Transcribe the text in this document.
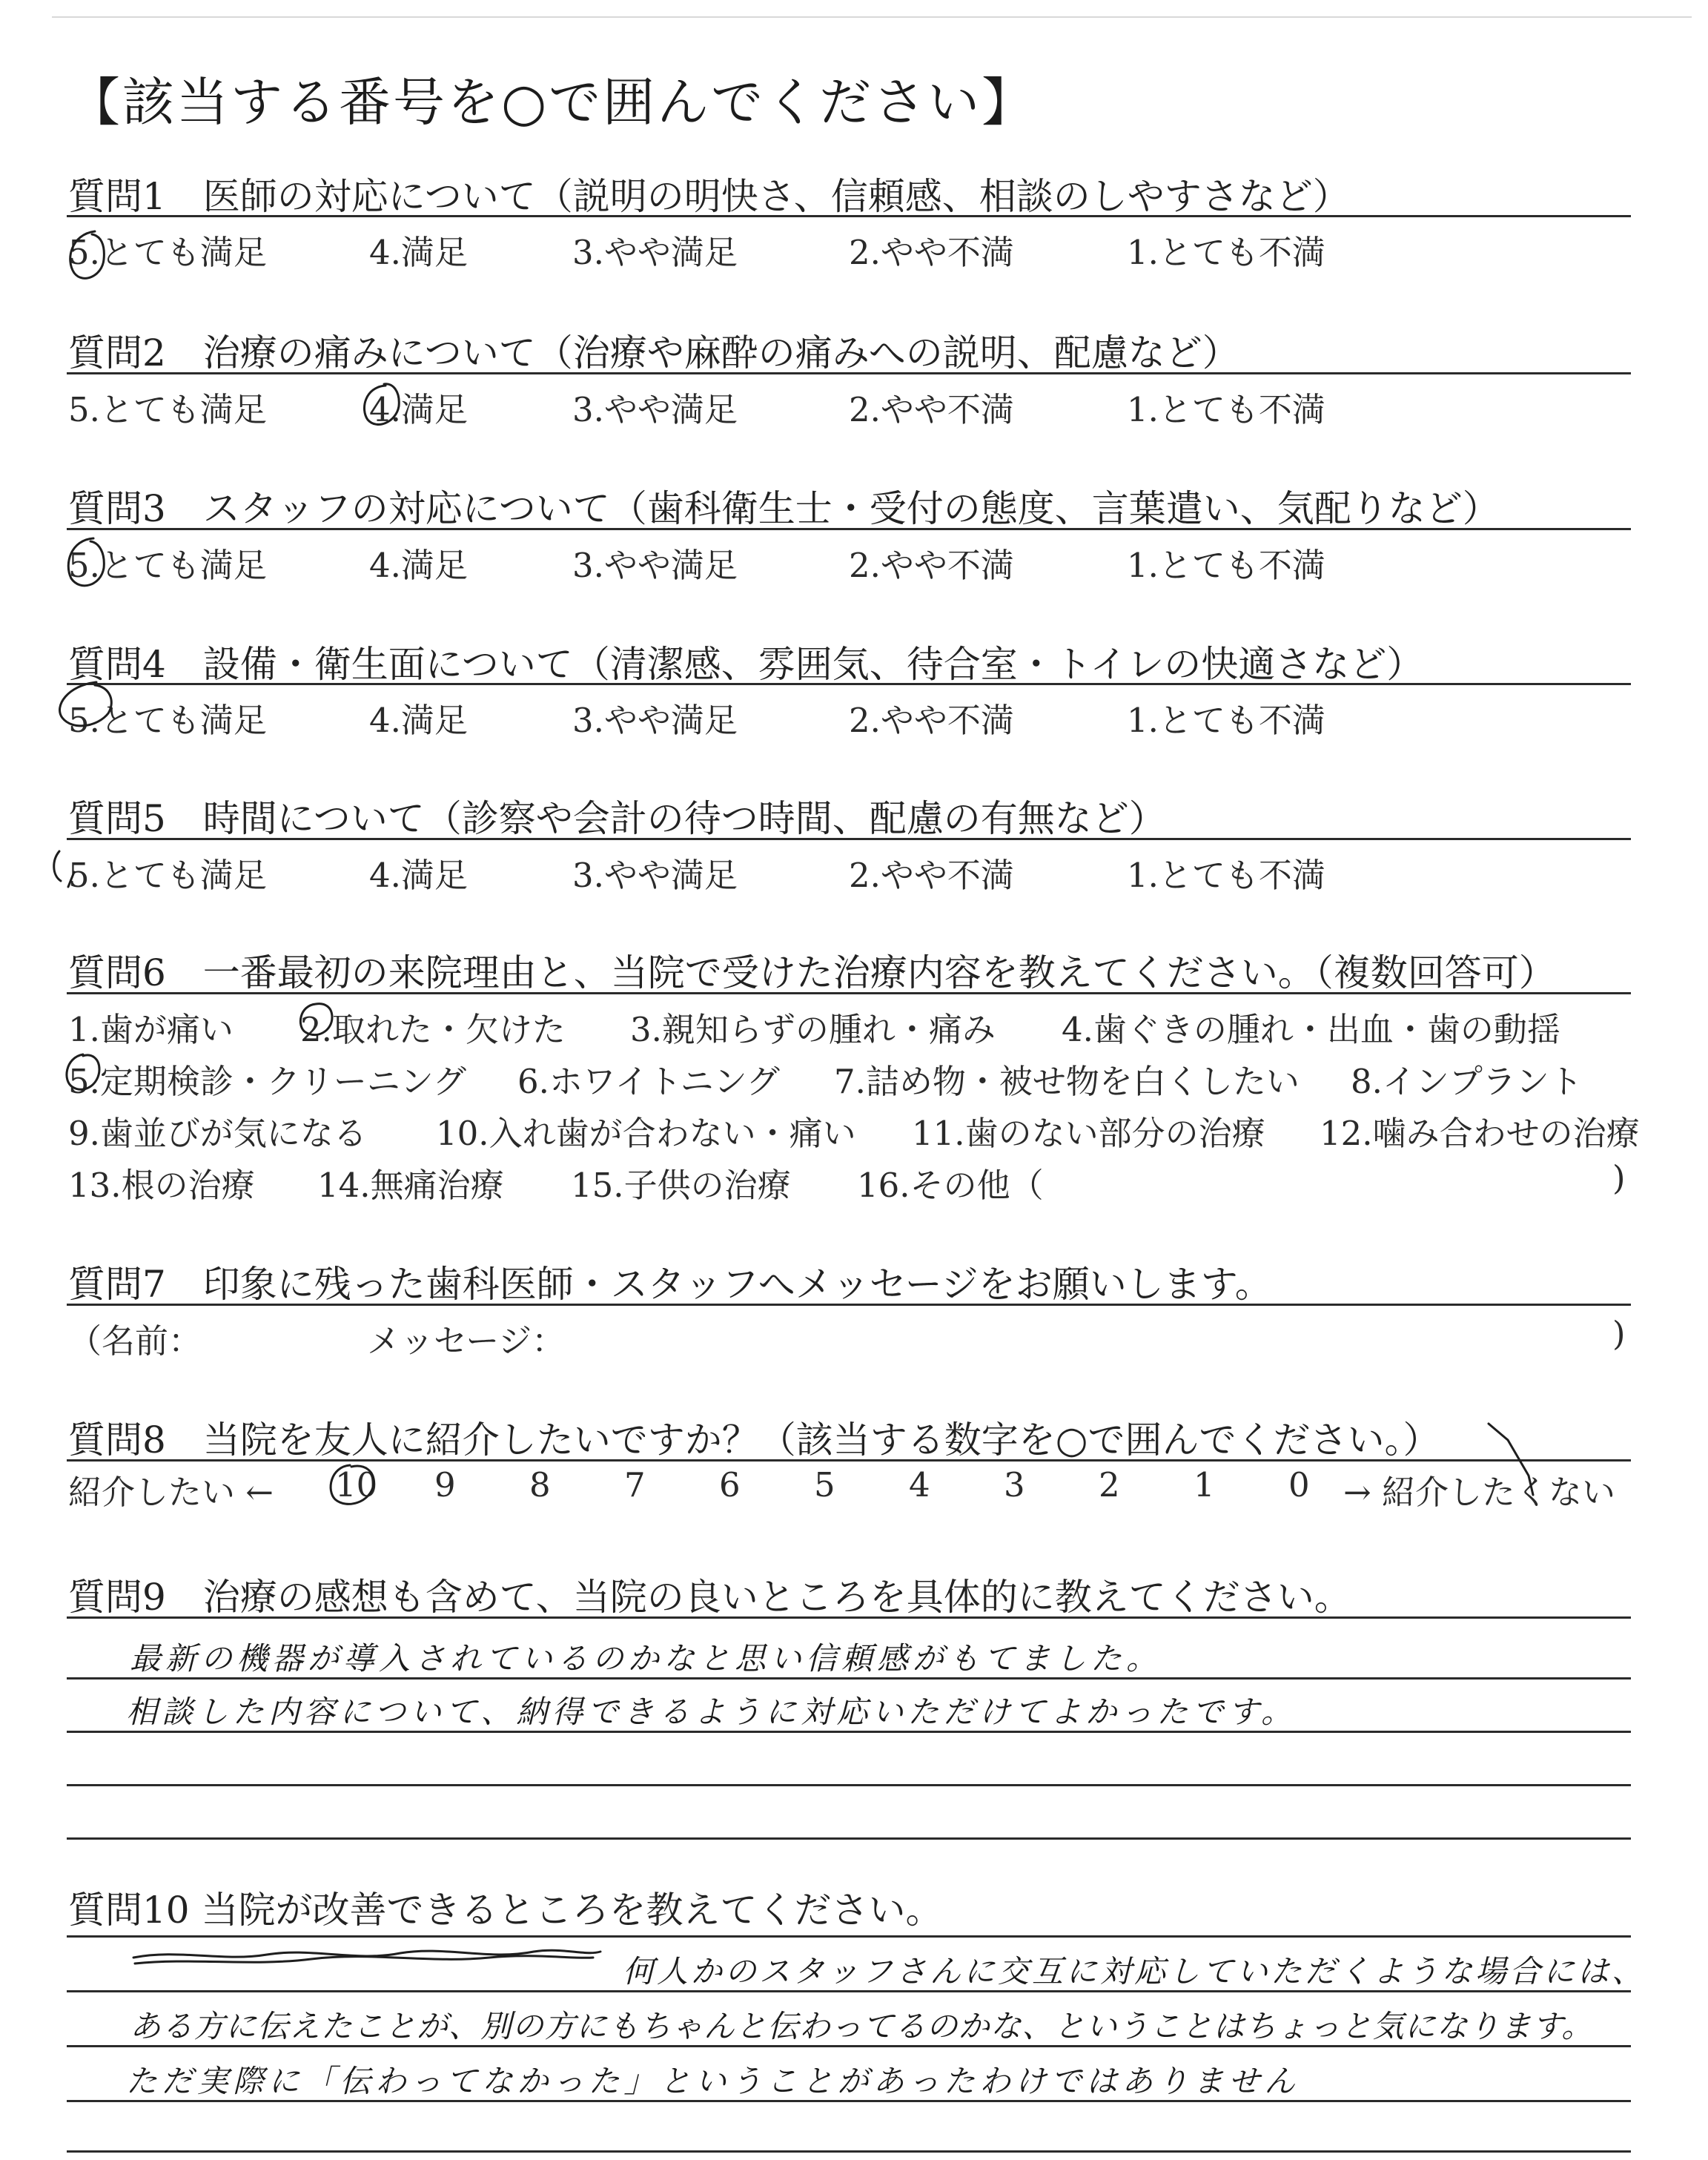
【該当する番号を○で囲んでください】
質問1　医師の対応について（説明の明快さ、信頼感、相談のしやすさなど）
5.とても満足	4.満足	3.やや満足	2.やや不満	1.とても不満
質問2　治療の痛みについて（治療や麻酔の痛みへの説明、配慮など）
5.とても満足	4.満足	3.やや満足	2.やや不満	1.とても不満
質問3　スタッフの対応について（歯科衛生士・受付の態度、言葉遣い、気配りなど）
5.とても満足	4.満足	3.やや満足	2.やや不満	1.とても不満
質問4　設備・衛生面について（清潔感、雰囲気、待合室・トイレの快適さなど）
5.とても満足	4.満足	3.やや満足	2.やや不満	1.とても不満
質問5　時間について（診察や会計の待つ時間、配慮の有無など）
5.とても満足	4.満足	3.やや満足	2.やや不満	1.とても不満
質問6　一番最初の来院理由と、当院で受けた治療内容を教えてください。（複数回答可）
1.歯が痛い 2.取れた・欠けた 3.親知らずの腫れ・痛み 4.歯ぐきの腫れ・出血・歯の動揺
5.定期検診・クリーニング 6.ホワイトニング 7.詰め物・被せ物を白くしたい 8.インプラント
9.歯並びが気になる 10.入れ歯が合わない・痛い 11.歯のない部分の治療 12.噛み合わせの治療
13.根の治療 14.無痛治療 15.子供の治療 16.その他（	)
質問7　印象に残った歯科医師・スタッフへメッセージをお願いします。
（名前：	メッセージ：	)
質問8　当院を友人に紹介したいですか？（該当する数字を○で囲んでください。）
紹介したい ← 10 9 8 7 6 5 4 3 2 1 0 → 紹介したくない
質問9　治療の感想も含めて、当院の良いところを具体的に教えてください。
最新の機器が導入されているのかなと思い信頼感がもてました。
相談した内容について、納得できるように対応いただけてよかったです。
質問10 当院が改善できるところを教えてください。
何人かのスタッフさんに交互に対応していただくような場合には、
ある方に伝えたことが、別の方にもちゃんと伝わってるのかな、ということはちょっと気になります。
ただ実際に「伝わってなかった」ということがあったわけではありません
